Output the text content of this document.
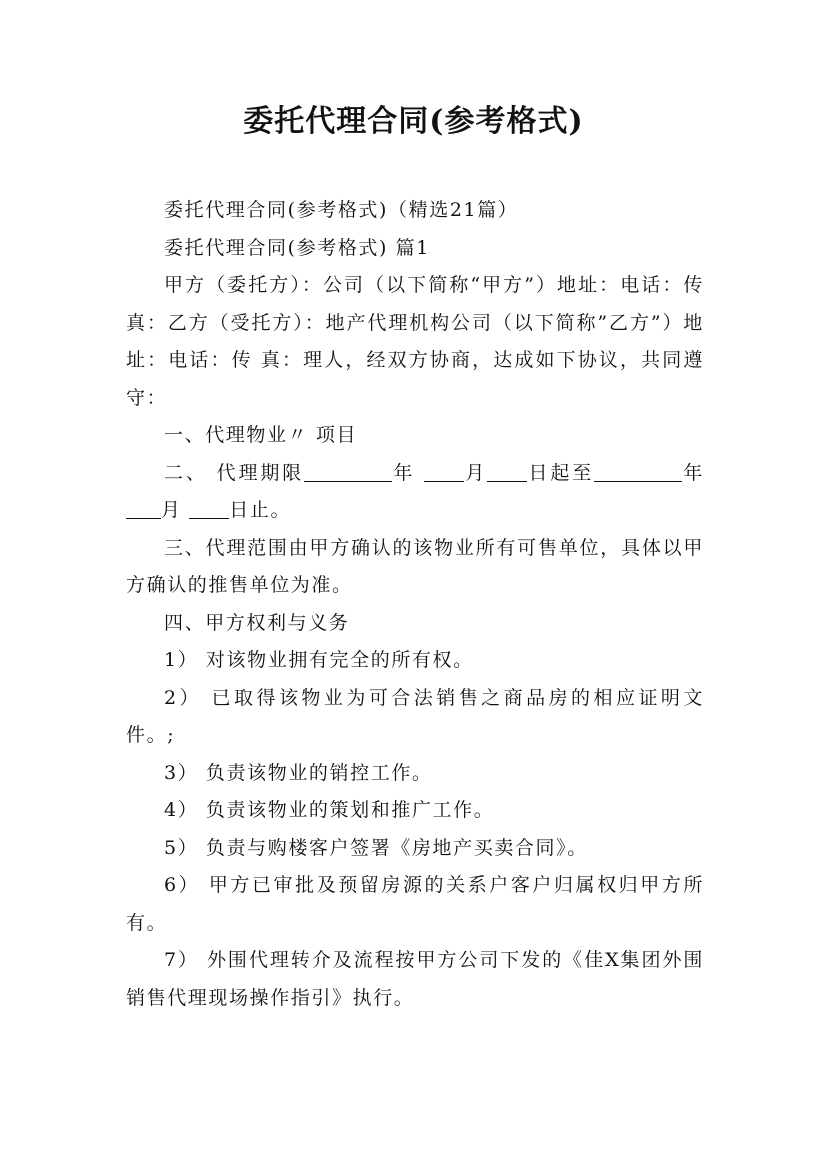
委托代理合同(参考格式)

委托代理合同(参考格式)（精选21篇）

委托代理合同(参考格式) 篇1

甲方（委托方）：公司（以下简称“甲方”）地址：电话：传 真：乙方（受托方）：地产代理机构公司（以下简称”乙方”）地址：电话：传 真：理人，经双方协商，达成如下协议，共同遵守：

一、代理物业〃 项目

二、 代理期限	年 月 日起至	年月 日止。

三、代理范围由甲方确认的该物业所有可售单位，具体以甲方确认的推售单位为准。

四、甲方权利与义务

1） 对该物业拥有完全的所有权。

2） 已取得该物业为可合法销售之商品房的相应证明文件。;

3） 负责该物业的销控工作。

4） 负责该物业的策划和推广工作。

5） 负责与购楼客户签署《房地产买卖合同》。

6） 甲方已审批及预留房源的关系户客户归属权归甲方所有。

7） 外围代理转介及流程按甲方公司下发的《佳X集团外围销售代理现场操作指引》执行。
